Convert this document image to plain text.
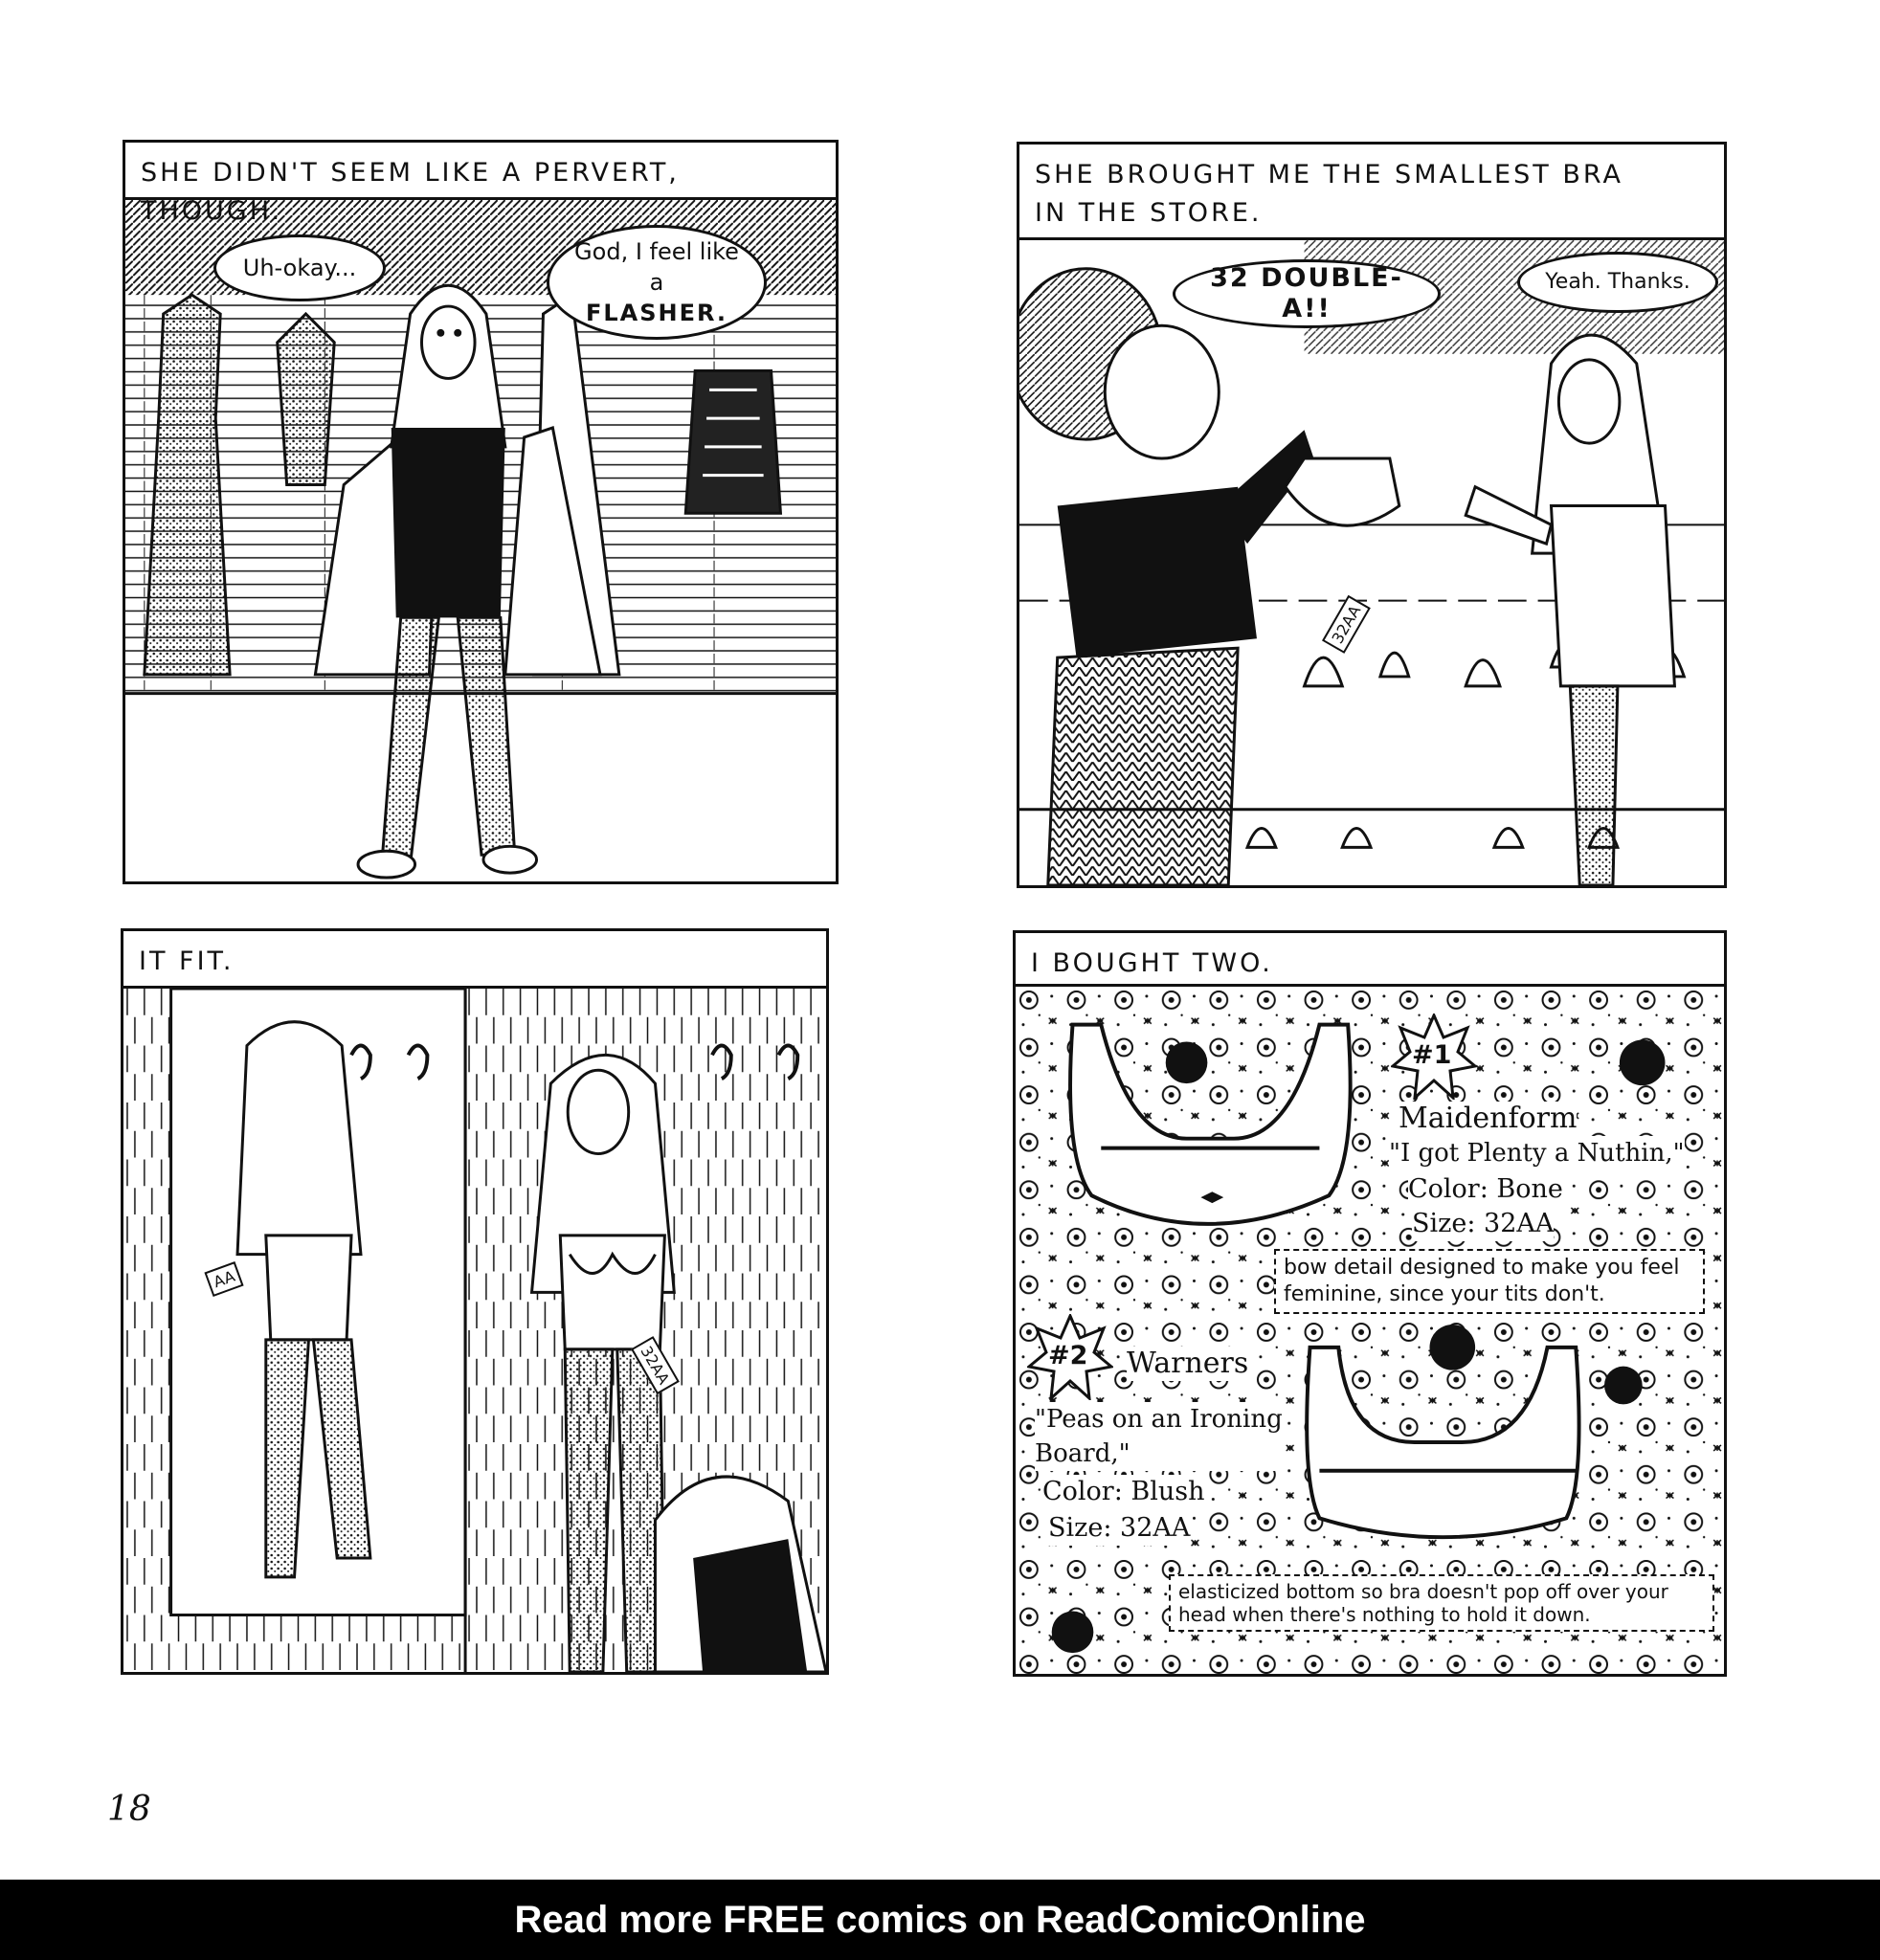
SHE DIDN'T SEEM LIKE A PERVERT,
Uh-okay...
God, I feel like a
FLASHER.
SHE BROUGHT ME THE SMALLEST BRA
IN THE STORE.
32 DOUBLE-A!!
Yeah. Thanks.
32AA
IT FIT.
AA
32AA
I BOUGHT TWO.
#1
Maidenform
"I got Plenty a Nuthin,"
Color: Bone
Size: 32AA
bow detail designed to make you feel feminine, since your tits don't.
#2 Warners
"Peas on an Ironing Board,"
Color: Blush
Size: 32AA
elasticized bottom so bra doesn't pop off over your head when there's nothing to hold it down.
18
Read more FREE comics on ReadComicOnline
